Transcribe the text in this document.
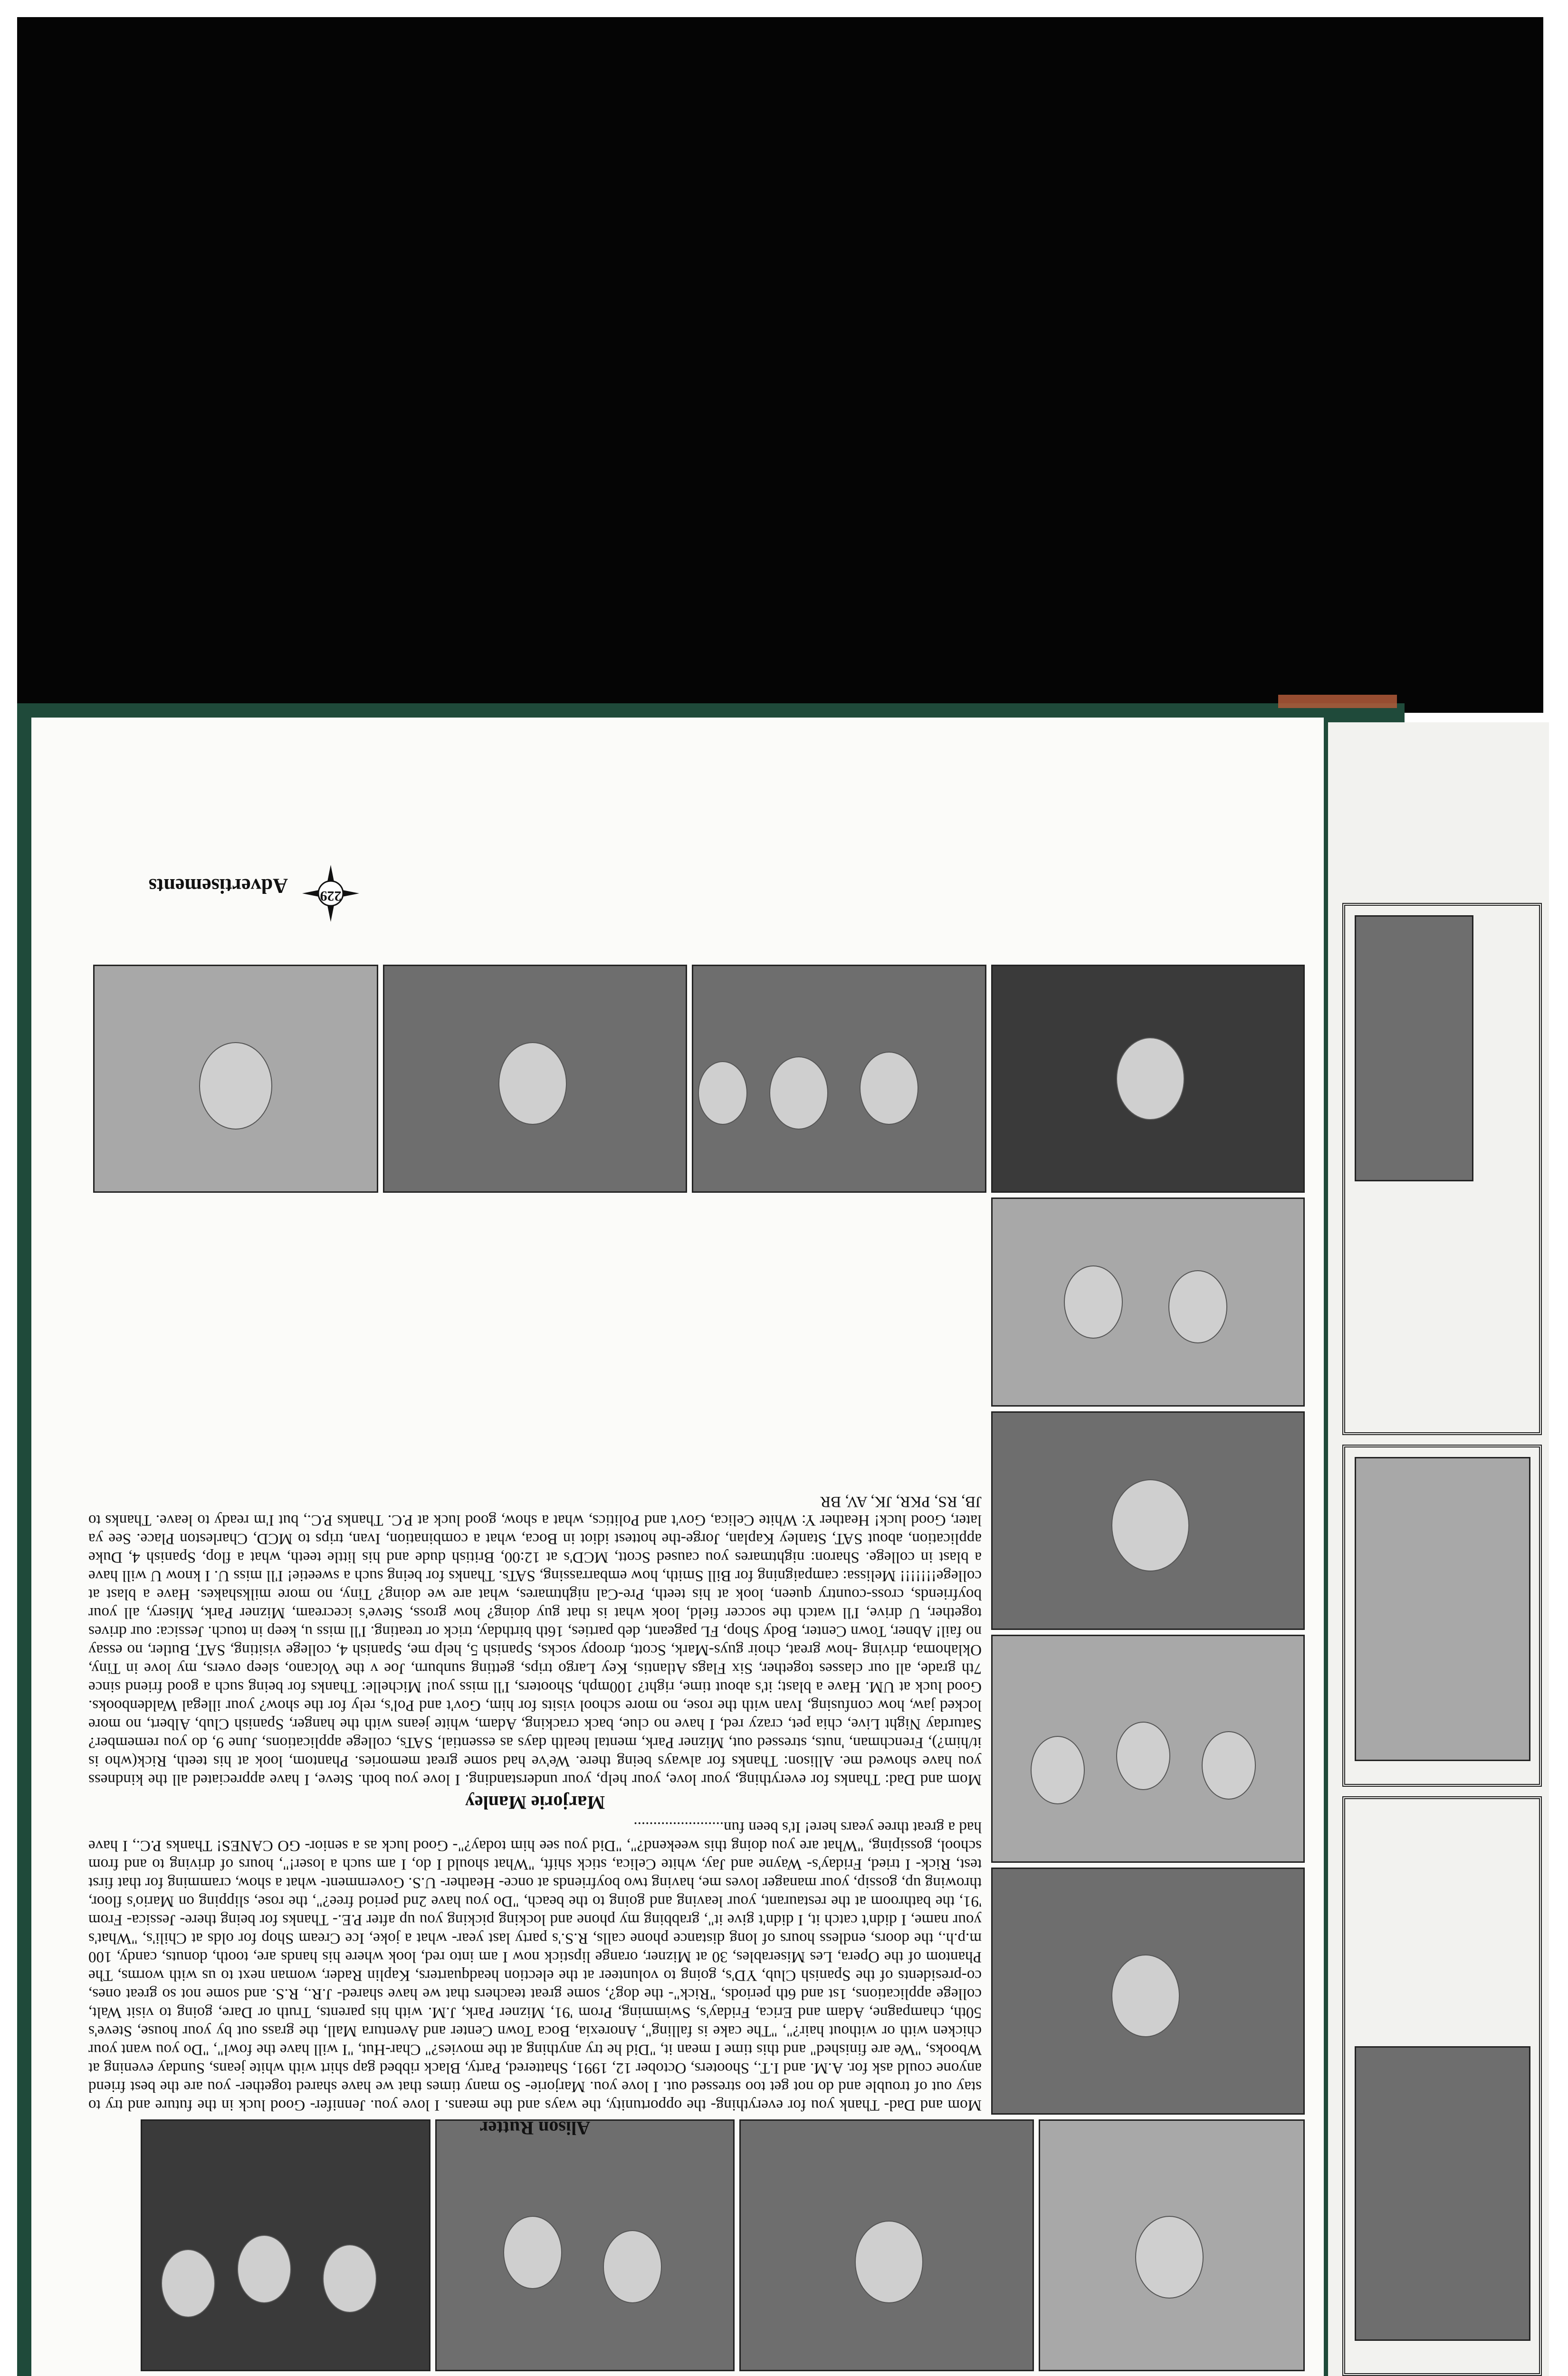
Alison Rutter

Mom and Dad- Thank you for everything- the opportunity, the ways and the means. I love you. Jennifer- Good luck in the future and try to stay out of trouble and do not get too stressed out. I love you. Marjorie- So many times that we have shared together- you are the best friend anyone could ask for. A.M. and I.T., Shooters, October 12, 1991, Shattered, Party, Black ribbed gap shirt with white jeans, Sunday evening at Wbooks, "We are finished" and this time I mean it, "Did he try anything at the movies?" Char-Hut, "I will have the fowl", "Do you want your chicken with or without hair?", "The cake is falling", Anorexia, Boca Town Center and Aventura Mall, the grass out by your house, Steve's 50th, champagne, Adam and Erica, Friday's, Swimming, Prom '91, Mizner Park, J.M. with his parents, Truth or Dare, going to visit Walt, college applications, 1st and 6th periods, "Rick"- the dog?, some great teachers that we have shared- J.R., R.S. and some not so great ones, co-presidents of the Spanish Club, YD's, going to volunteer at the election headquarters, Kaplin Rader, woman next to us with worms, The Phantom of the Opera, Les Miserables, 30 at Mizner, orange lipstick now I am into red, look where his hands are, tooth, donuts, candy, 100 m.p.h., the doors, endless hours of long distance phone calls, R.S.'s party last year- what a joke, Ice Cream Shop for olds at Chili's, "What's your name, I didn't catch it, I didn't give it", grabbing my phone and locking picking you up after P.E.- Thanks for being there- Jessica- From '91, the bathroom at the restaurant, your leaving and going to the beach, "Do you have 2nd period free?", the rose, slipping on Mario's floor, throwing up, gossip, your manager loves me, having two boyfriends at once- Heather- U.S. Government- what a show, cramming for that first test, Rick- I tried, Friday's- Wayne and Jay, white Celica, stick shift, "What should I do, I am such a loser!", hours of driving to and from school, gossiping, "What are you doing this weekend?", "Did you see him today?"- Good luck as a senior- GO CANES! Thanks P.C., I have had a great three years here! It's been fun.......................

Marjorie Manley

Mom and Dad: Thanks for everything, your love, your help, your understanding. I love you both. Steve, I have appreciated all the kindness you have showed me. Allison: Thanks for always being there. We've had some great memories. Phantom, look at his teeth, Rick(who is it/him?), Frenchman, 'nuts, stressed out, Mizner Park, mental health days as essential, SATs, college applications, June 9, do you remember? Saturday Night Live, chia pet, crazy red, I have no clue, back cracking, Adam, white jeans with the hanger, Spanish Club, Albert, no more locked jaw, how confusing, Ivan with the rose, no more school visits for him, Gov't and Pol's, rely for the show? your illegal Waldenbooks. Good luck at UM. Have a blast; it's about time, right? 100mph, Shooters, I'll miss you! Michelle: Thanks for being such a good friend since 7th grade, all our classes together, Six Flags Atlantis, Key Largo trips, getting sunburn, Joe v the Volcano, sleep overs, my love in Tiny, Oklahoma, driving -how great, choir guys-Mark, Scott, droopy socks, Spanish 5, help me, Spanish 4, college visiting, SAT, Butler, no essay no fail! Abner, Town Center, Body Shop, FL pageant, deb parties, 16th birthday, trick or treating. I'll miss u, keep in touch. Jessica: our drives together, U drive, I'll watch the soccer field, look what is that guy doing? how gross, Steve's icecream, Mizner Park, Misery, all your boyfriends, cross-country queen, look at his teeth, Pre-Cal nightmares, what are we doing? Tiny, no more milkshakes. Have a blast at college!!!!!!! Melissa: campaigning for Bill Smith, how embarrassing, SATs. Thanks for being such a sweetie! I'll miss U. I know U will have a blast in college. Sharon: nightmares you caused Scott, MCD's at 12:00, British dude and his little teeth, what a flop, Spanish 4, Duke application, about SAT, Stanley Kaplan, Jorge-the hottest idiot in Boca, what a combination, Ivan, trips to MCD, Charleston Place. See ya later, Good luck! Heather Y: White Celica, Gov't and Politics, what a show, good luck at P.C. Thanks P.C., but I'm ready to leave. Thanks to JB, RS, PKR, JK, AV, BR

229
Advertisements
